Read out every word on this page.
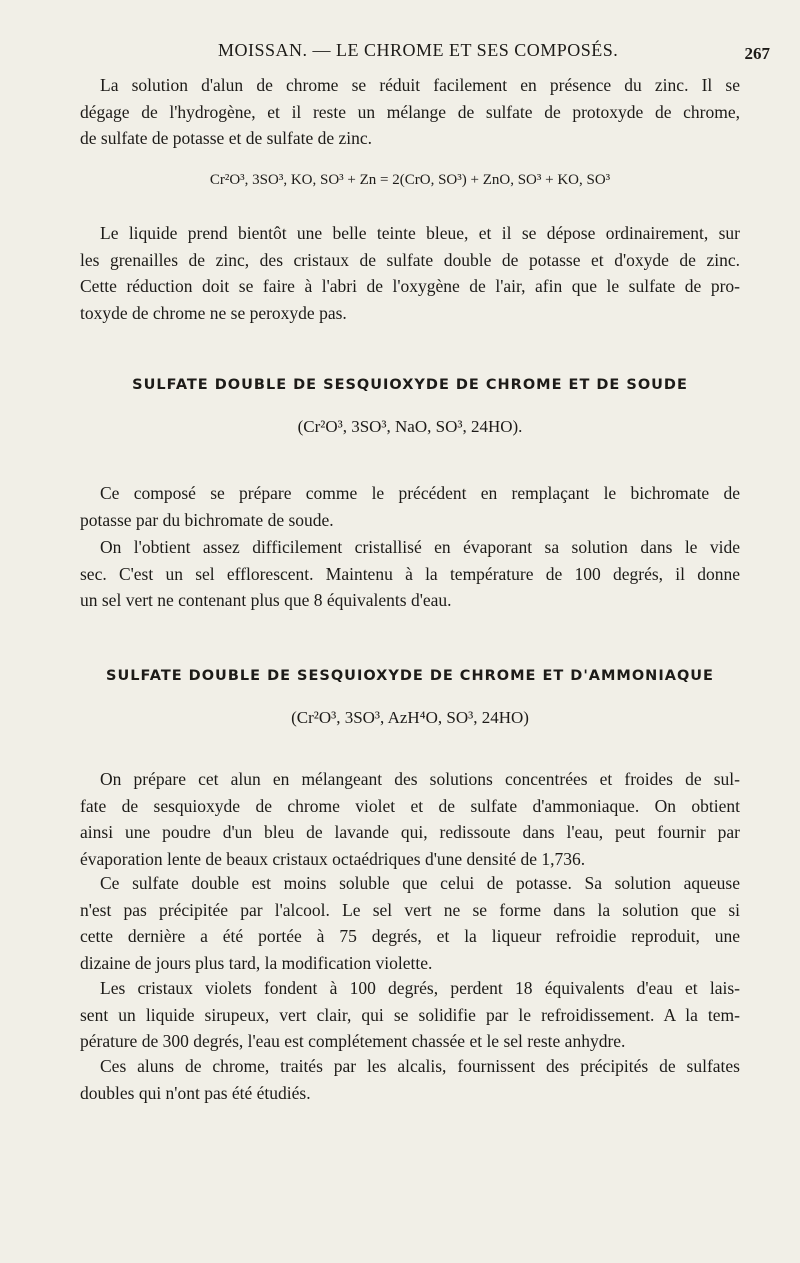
MOISSAN. — LE CHROME ET SES COMPOSÉS.	267
La solution d'alun de chrome se réduit facilement en présence du zinc. Il se
dégage de l'hydrogène, et il reste un mélange de sulfate de protoxyde de chrome,
de sulfate de potasse et de sulfate de zinc.

Cr²O³, 3SO³, KO, SO³ + Zn = 2(CrO, SO³) + ZnO, SO³ + KO, SO³

Le liquide prend bientôt une belle teinte bleue, et il se dépose ordinairement, sur
les grenailles de zinc, des cristaux de sulfate double de potasse et d'oxyde de zinc.
Cette réduction doit se faire à l'abri de l'oxygène de l'air, afin que le sulfate de pro-
toxyde de chrome ne se peroxyde pas.

SULFATE DOUBLE DE SESQUIOXYDE DE CHROME ET DE SOUDE

(Cr²O³, 3SO³, NaO, SO³, 24HO).

Ce composé se prépare comme le précédent en remplaçant le bichromate de
potasse par du bichromate de soude.
On l'obtient assez difficilement cristallisé en évaporant sa solution dans le vide
sec. C'est un sel efflorescent. Maintenu à la température de 100 degrés, il donne
un sel vert ne contenant plus que 8 équivalents d'eau.

SULFATE DOUBLE DE SESQUIOXYDE DE CHROME ET D'AMMONIAQUE

(Cr²O³, 3SO³, AzH⁴O, SO³, 24HO)

On prépare cet alun en mélangeant des solutions concentrées et froides de sul-
fate de sesquioxyde de chrome violet et de sulfate d'ammoniaque. On obtient
ainsi une poudre d'un bleu de lavande qui, redissoute dans l'eau, peut fournir par
évaporation lente de beaux cristaux octaédriques d'une densité de 1,736.
Ce sulfate double est moins soluble que celui de potasse. Sa solution aqueuse
n'est pas précipitée par l'alcool. Le sel vert ne se forme dans la solution que si
cette dernière a été portée à 75 degrés, et la liqueur refroidie reproduit, une
dizaine de jours plus tard, la modification violette.
Les cristaux violets fondent à 100 degrés, perdent 18 équivalents d'eau et lais-
sent un liquide sirupeux, vert clair, qui se solidifie par le refroidissement. A la tem-
pérature de 300 degrés, l'eau est complétement chassée et le sel reste anhydre.
Ces aluns de chrome, traités par les alcalis, fournissent des précipités de sulfates
doubles qui n'ont pas été étudiés.
